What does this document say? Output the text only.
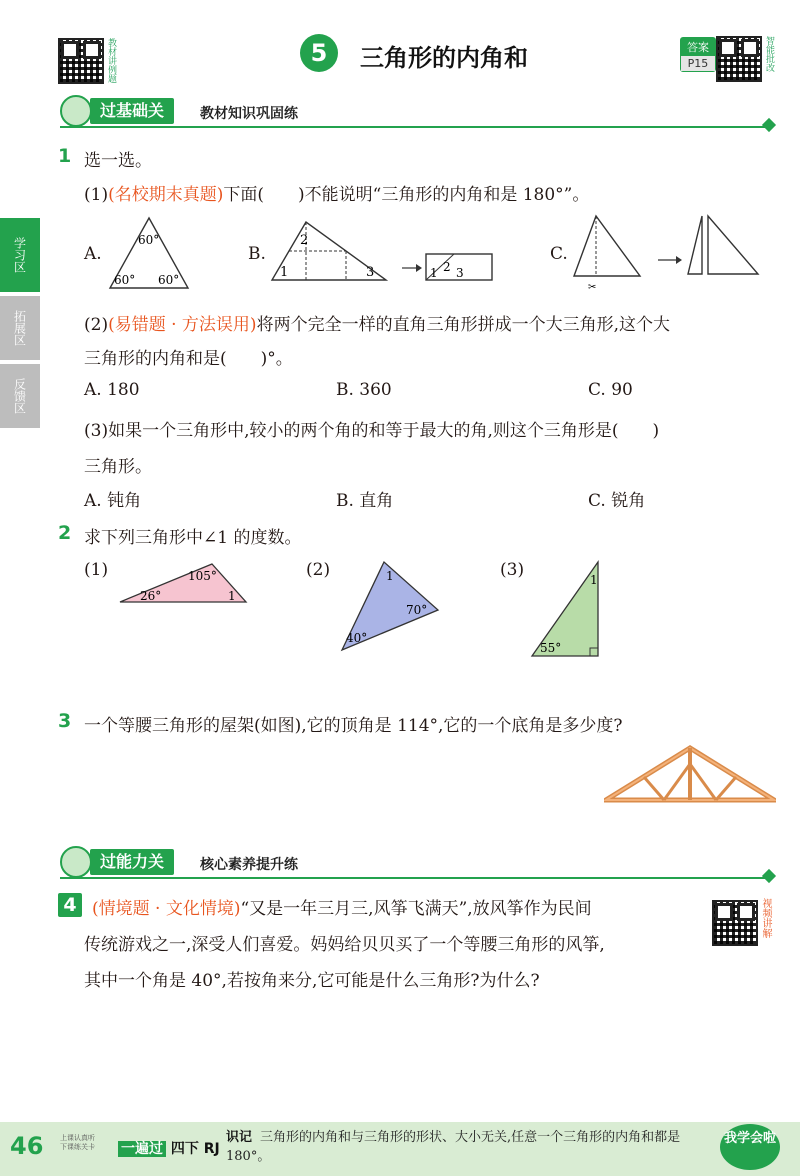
教材讲例题	5	三角形的内角和	答案
P15	智能批改
学习区
拓展区
反馈区
过基础关	教材知识巩固练
1 选一选。
(1)(名校期末真题)下面(　　)不能说明“三角形的内角和是 180°”。
A.	B.	C.
60°
60° 60°
2
1	3	1 2 3
✂
(2)(易错题 · 方法误用)将两个完全一样的直角三角形拼成一个大三角形,这个大
三角形的内角和是(　　)°。
A. 180	B. 360	C. 90
(3)如果一个三角形中,较小的两个角的和等于最大的角,则这个三角形是(　　)
三角形。
A. 钝角	B. 直角	C. 锐角
2 求下列三角形中∠1 的度数。
(1)	105°
26°	1
(2)	1
70°
40°
(3)	1
55°
3 一个等腰三角形的屋架(如图),它的顶角是 114°,它的一个底角是多少度?
过能力关	核心素养提升练
4 (情境题 · 文化情境)“又是一年三月三,风筝飞满天”,放风筝作为民间
传统游戏之一,深受人们喜爱。妈妈给贝贝买了一个等腰三角形的风筝,
其中一个角是 40°,若按角来分,它可能是什么三角形?为什么?
视频讲解
46 上课认真听 下课练关卡	一遍过 四下 RJ
识记 三角形的内角和与三角形的形状、大小无关,任意一个三角形的内角和都是 180°。
我学会啦
